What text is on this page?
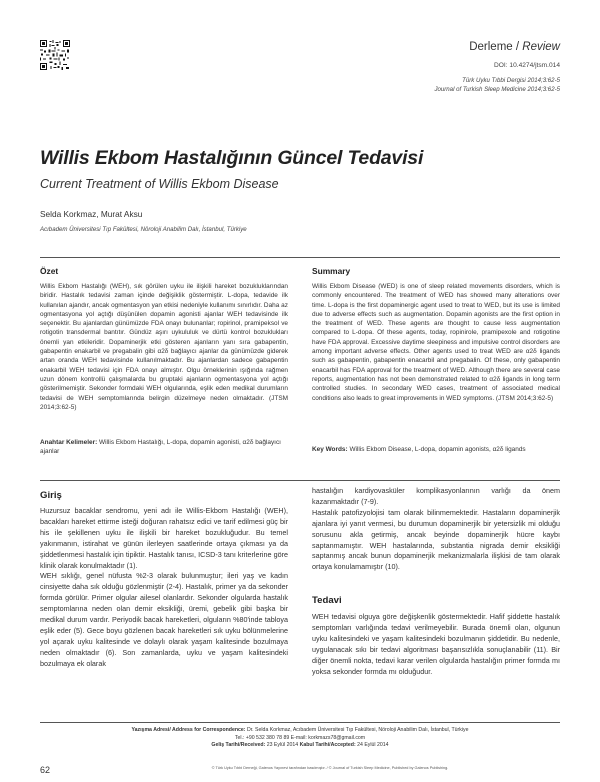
Derleme / Review
DOI: 10.4274/jtsm.014
Türk Uyku Tıbbi Dergisi 2014;3:62-5
Journal of Turkish Sleep Medicine 2014;3:62-5
Willis Ekbom Hastalığının Güncel Tedavisi
Current Treatment of Willis Ekbom Disease
Selda Korkmaz, Murat Aksu
Acıbadem Üniversitesi Tıp Fakültesi, Nöroloji Anabilim Dalı, İstanbul, Türkiye
Özet

Willis Ekbom Hastalığı (WEH), sık görülen uyku ile ilişkili hareket bozukluklarından biridir. Hastalık tedavisi zaman içinde değişiklik göstermiştir. L-dopa, tedavide ilk kullanılan ajandır, ancak ogmentasyon yan etkisi nedeniyle kullanımı sınırlıdır. Daha az ogmentasyona yol açtığı düşünülen dopamin agonisti ajanlar WEH tedavisinde ilk seçenektir. Bu ajanlardan günümüzde FDA onayı bulunanlar; ropirinol, pramipeksol ve rotigotin transdermal bantıtır. Gündüz aşırı uykululuk ve dürtü kontrol bozuklukları önemli yan etkileridir. Dopaminerjik etki gösteren ajanların yanı sıra gabapentin, gabapentin enakarbil ve pregabalin gibi α2δ bağlayıcı ajanlar da günümüzde giderek artan oranda WEH tedavisinde kullanılmaktadır. Bu ajanlardan sadece gabapentin enakarbil WEH tedavisi için FDA onayı almıştır. Olgu örneklerinin ışığında rağmen uzun dönem kontrollü çalışmalarda bu gruptaki ajanların ogmentasyona yol açtığı gösterilmemiştir. Sekonder formdaki WEH olgularında, eşlik eden medikal durumların tedavisi de WEH semptomlarında belirgin düzelmeye neden olmaktadır. (JTSM 2014;3:62-5)

Anahtar Kelimeler: Willis Ekbom Hastalığı, L-dopa, dopamin agonisti, α2δ bağlayıcı ajanlar
Summary

Willis Ekbom Disease (WED) is one of sleep related movements disorders, which is commonly encountered. The treatment of WED has showed many alterations over time. L-dopa is the first dopaminergic agent used to treat to WED, but its use is limited due to adverse effects such as augmentation. Dopamin agonists are the first option in the treatment of WED. These agents are thought to cause less augmentation compared to L-dopa. Of these agents, today, ropinirole, pramipexole and rotigotine have FDA approval. Excessive daytime sleepiness and impulsive control disorders are among important adverse effects. Other agents used to treat WED are α2δ ligands such as gabapentin, gabapentin enacarbil and pregabalin. Of these, only gabapentin enacarbil has FDA approval for the treatment of WED. Although there are several case reports, augmentation has not been demonstrated related to α2δ ligands in long term controlled studies. In secondary WED cases, treatment of associated medical conditions also leads to great improvements in WED symptoms. (JTSM 2014;3:62-5)

Key Words: Willis Ekbom Disease, L-dopa, dopamin agonists, α2δ ligands
Giriş

Huzursuz bacaklar sendromu, yeni adı ile Willis-Ekbom Hastalığı (WEH), bacakları hareket ettirme isteği doğuran rahatsız edici ve tarif edilmesi güç bir his ile şekillenen uyku ile ilişkili bir hareket bozukluğudur. Bu temel yakınmanın, istirahat ve günün ilerleyen saatlerinde ortaya çıkması ya da şiddetlenmesi hastalık için tipiktir. Hastalık tanısı, ICSD-3 tanı kriterlerine göre klinik olarak konulmaktadır (1).

WEH sıklığı, genel nüfusta %2-3 olarak bulunmuştur; ileri yaş ve kadın cinsiyette daha sık olduğu gözlenmiştir (2-4). Hastalık, primer ya da sekonder formda görülür. Primer olgular ailesel olanlardır. Sekonder olgularda hastalık semptomlarına neden olan demir eksikliği, üremi, gebelik gibi başka bir medikal durum vardır. Periyodik bacak hareketleri, olguların %80'inde tabloya eşlik eder (5). Gece boyu gözlenen bacak hareketleri sık uyku bölünmelerine yol açarak uyku kalitesinde ve dolaylı olarak yaşam kalitesinde bozulmaya neden olmaktadır (6). Son zamanlarda, uyku ve yaşam kalitesindeki bozulmaya ek olarak

hastalığın kardiyovasküler komplikasyonlarının varlığı da önem kazanmaktadır (7-9).

Hastalık patofizyolojisi tam olarak bilinmemektedir. Hastaların dopaminerjik ajanlara iyi yanıt vermesi, bu durumun dopaminerjik bir yetersizlik mi olduğu sorusunu akla getirmiş, ancak beyinde dopaminerjik hücre kaybı saptanmamıştır. WEH hastalarında, substantia nigrada demir eksikliği saptanmış ancak bunun dopaminerjik mekanizmalarla ilişkisi de tam olarak ortaya konulamamıştır (10).

Tedavi

WEH tedavisi olguya göre değişkenlik göstermektedir. Hafif şiddette hastalık semptomları varlığında tedavi verilmeyebilir. Burada önemli olan, olgunun uyku kalitesindeki ve yaşam kalitesindeki bozulmanın şiddetidir. Bu nedenle, uygulanacak sıkı bir tedavi algoritması başarısızlıkla sonuçlanabilir (11). Bir diğer önemli nokta, tedavi karar verilen olgularda hastalığın primer formda mı yoksa sekonder formda mı olduğudur.

Yazışma Adresi/ Address for Correspondence: Dr. Selda Korkmaz, Acıbadem Üniversitesi Tıp Fakültesi, Nöroloji Anabilim Dalı, İstanbul, Türkiye
Tel.: +90 532 380 78 89 E-mail: korkmazs78@gmail.com
Geliş Tarihi/Received: 23 Eylül 2014 Kabul Tarihi/Accepted: 24 Eylül 2014
62	© Türk Uyku Tıbbi Derneği, Galenos Yayınevi tarafından basılmıştır. / © Journal of Turkish Sleep Medicine, Published by Galenos Publishing.
